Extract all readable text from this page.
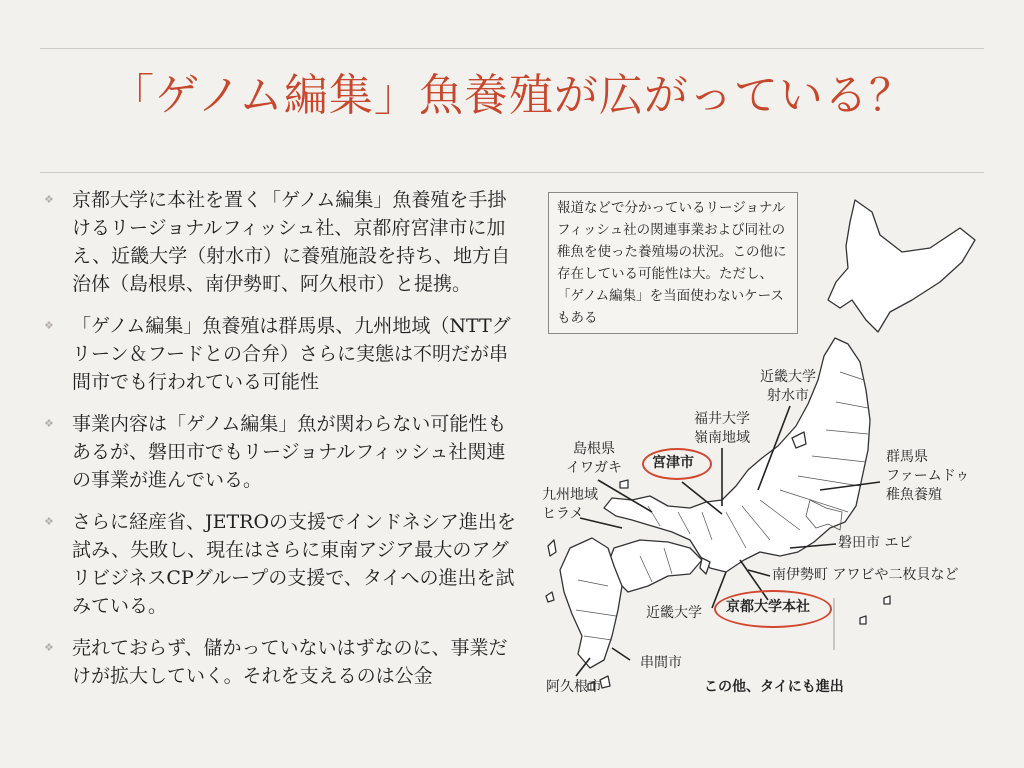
「ゲノム編集」魚養殖が広がっている？
❖ 京都大学に本社を置く「ゲノム編集」魚養殖を手掛けるリージョナルフィッシュ社、京都府宮津市に加え、近畿大学（射水市）に養殖施設を持ち、地方自治体（島根県、南伊勢町、阿久根市）と提携。
❖ 「ゲノム編集」魚養殖は群馬県、九州地域（NTTグリーン＆フードとの合弁）さらに実態は不明だが串間市でも行われている可能性
❖ 事業内容は「ゲノム編集」魚が関わらない可能性もあるが、磐田市でもリージョナルフィッシュ社関連の事業が進んでいる。
❖ さらに経産省、JETROの支援でインドネシア進出を試み、失敗し、現在はさらに東南アジア最大のアグリビジネスCPグループの支援で、タイへの進出を試みている。
❖ 売れておらず、儲かっていないはずなのに、事業だけが拡大していく。それを支えるのは公金
報道などで分かっているリージョナルフィッシュ社の関連事業および同社の稚魚を使った養殖場の状況。この他に存在している可能性は大。ただし、「ゲノム編集」を当面使わないケースもある
近畿大学
射水市
福井大学
嶺南地域
島根県
イワガキ 宮津市
九州地域
ヒラメ
群馬県
ファームドゥ
稚魚養殖
磐田市 エビ
南伊勢町 アワビや二枚貝など
近畿大学 京都大学本社
串間市
阿久根市	この他、タイにも進出
